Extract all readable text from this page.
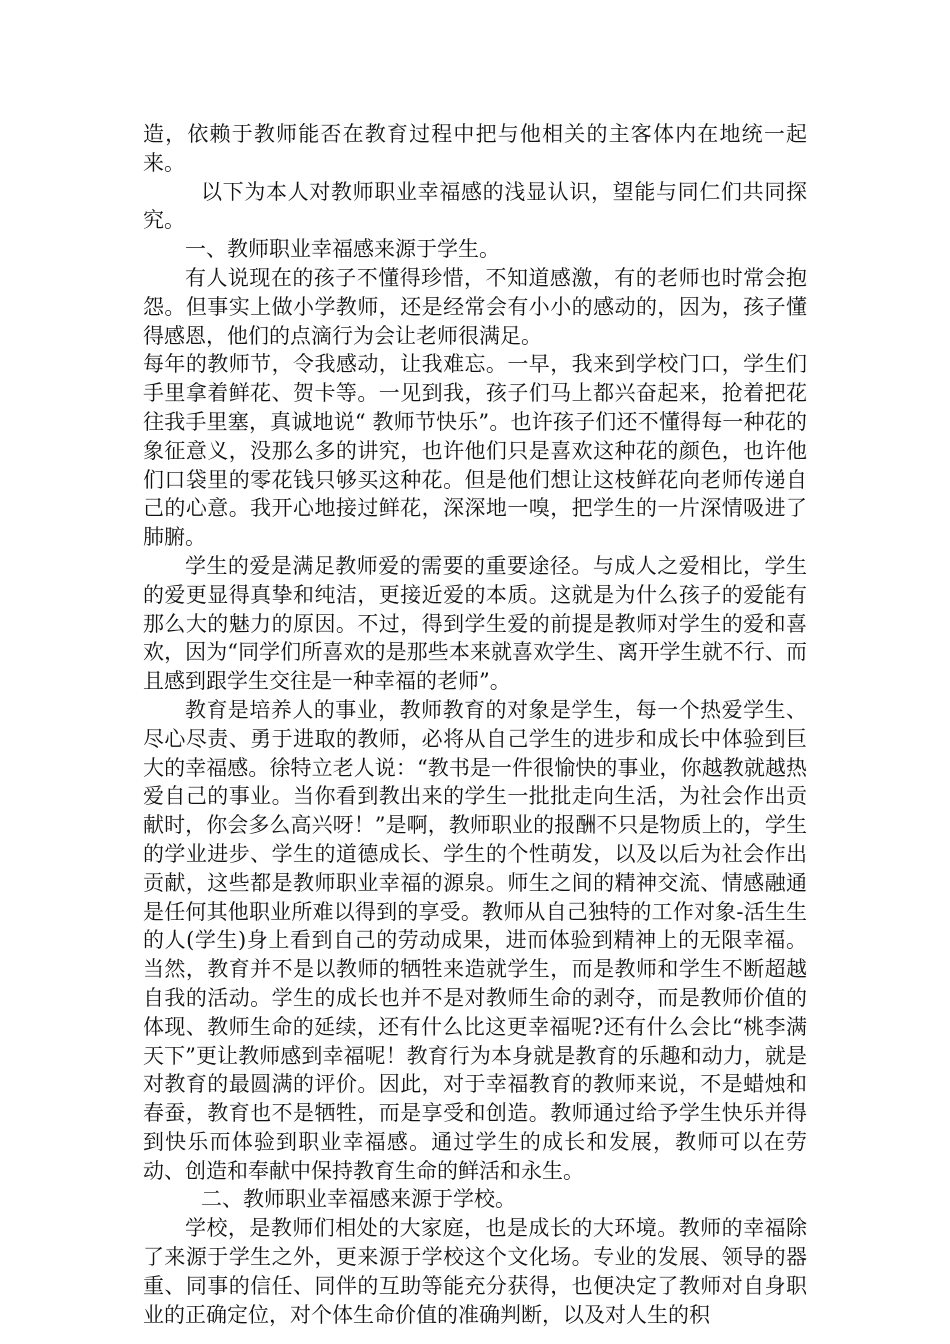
造，依赖于教师能否在教育过程中把与他相关的主客体内在地统一起来。

以下为本人对教师职业幸福感的浅显认识，望能与同仁们共同探究。

一、教师职业幸福感来源于学生。

有人说现在的孩子不懂得珍惜，不知道感激，有的老师也时常会抱怨。但事实上做小学教师，还是经常会有小小的感动的，因为，孩子懂得感恩，他们的点滴行为会让老师很满足。

每年的教师节，令我感动，让我难忘。一早，我来到学校门口，学生们手里拿着鲜花、贺卡等。一见到我，孩子们马上都兴奋起来，抢着把花往我手里塞，真诚地说“ 教师节快乐”。也许孩子们还不懂得每一种花的象征意义，没那么多的讲究，也许他们只是喜欢这种花的颜色，也许他们口袋里的零花钱只够买这种花。但是他们想让这枝鲜花向老师传递自己的心意。我开心地接过鲜花，深深地一嗅，把学生的一片深情吸进了肺腑。

学生的爱是满足教师爱的需要的重要途径。与成人之爱相比，学生的爱更显得真挚和纯洁，更接近爱的本质。这就是为什么孩子的爱能有那么大的魅力的原因。不过，得到学生爱的前提是教师对学生的爱和喜欢，因为“同学们所喜欢的是那些本来就喜欢学生、离开学生就不行、而且感到跟学生交往是一种幸福的老师”。

教育是培养人的事业，教师教育的对象是学生，每一个热爱学生、尽心尽责、勇于进取的教师，必将从自己学生的进步和成长中体验到巨大的幸福感。徐特立老人说：“教书是一件很愉快的事业，你越教就越热爱自己的事业。当你看到教出来的学生一批批走向生活，为社会作出贡献时，你会多么高兴呀！”是啊，教师职业的报酬不只是物质上的，学生的学业进步、学生的道德成长、学生的个性萌发，以及以后为社会作出贡献，这些都是教师职业幸福的源泉。师生之间的精神交流、情感融通是任何其他职业所难以得到的享受。教师从自己独特的工作对象-活生生的人(学生)身上看到自己的劳动成果，进而体验到精神上的无限幸福。当然，教育并不是以教师的牺牲来造就学生，而是教师和学生不断超越自我的活动。学生的成长也并不是对教师生命的剥夺，而是教师价值的体现、教师生命的延续，还有什么比这更幸福呢?还有什么会比“桃李满天下”更让教师感到幸福呢！教育行为本身就是教育的乐趣和动力，就是对教育的最圆满的评价。因此，对于幸福教育的教师来说，不是蜡烛和春蚕，教育也不是牺牲，而是享受和创造。教师通过给予学生快乐并得到快乐而体验到职业幸福感。通过学生的成长和发展，教师可以在劳动、创造和奉献中保持教育生命的鲜活和永生。

二、教师职业幸福感来源于学校。

学校，是教师们相处的大家庭，也是成长的大环境。教师的幸福除了来源于学生之外，更来源于学校这个文化场。专业的发展、领导的器重、同事的信任、同伴的互助等能充分获得，也便决定了教师对自身职业的正确定位，对个体生命价值的准确判断，以及对人生的积
